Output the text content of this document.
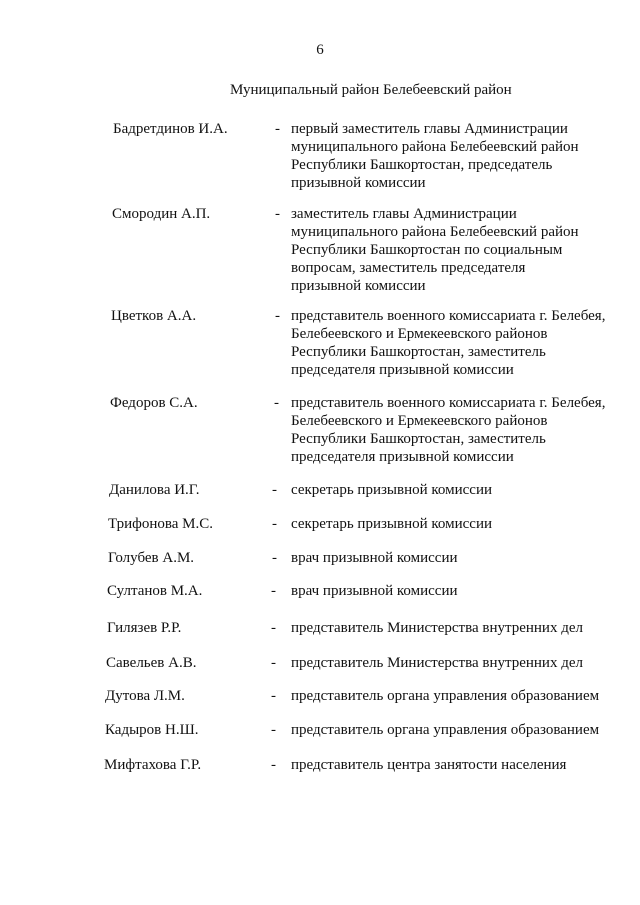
6
Муниципальный район Белебеевский район
Бадретдинов И.А.	- первый заместитель главы Администрации
муниципального района Белебеевский район
Республики Башкортостан, председатель
призывной комиссии
Смородин А.П.	- заместитель главы Администрации
муниципального района Белебеевский район
Республики Башкортостан по социальным
вопросам, заместитель председателя
призывной комиссии
Цветков А.А.	- представитель военного комиссариата г. Белебея,
Белебеевского и Ермекеевского районов
Республики Башкортостан, заместитель
председателя призывной комиссии
Федоров С.А.	- представитель военного комиссариата г. Белебея,
Белебеевского и Ермекеевского районов
Республики Башкортостан, заместитель
председателя призывной комиссии
Данилова И.Г.	- секретарь призывной комиссии
Трифонова М.С.	- секретарь призывной комиссии
Голубев А.М.	- врач призывной комиссии
Султанов М.А.	- врач призывной комиссии
Гилязев Р.Р.	- представитель Министерства внутренних дел
Савельев А.В.	- представитель Министерства внутренних дел
Дутова Л.М.	- представитель органа управления образованием
Кадыров Н.Ш.	- представитель органа управления образованием
Мифтахова Г.Р.	- представитель центра занятости населения
